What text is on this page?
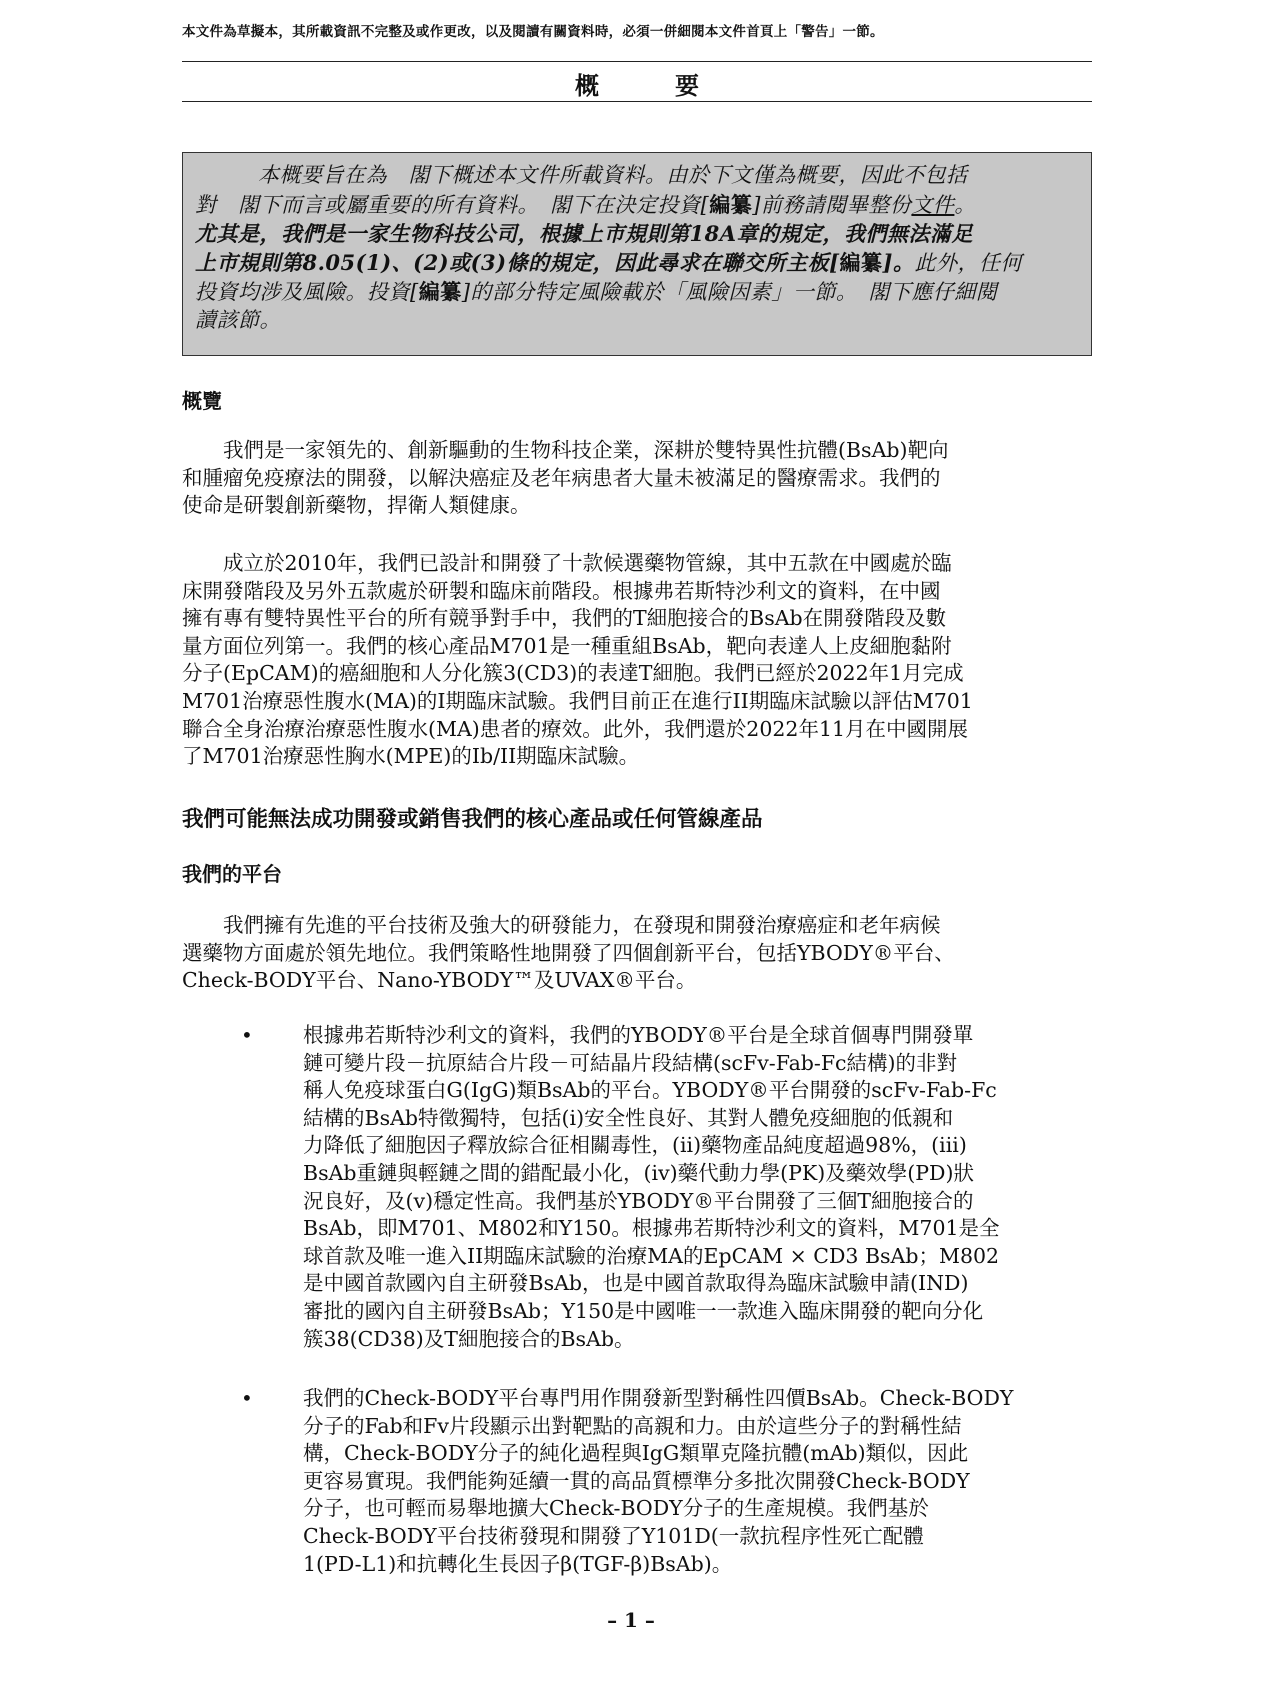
本文件為草擬本，其所載資訊不完整及或作更改，以及閱讀有關資料時，必須一併細閱本文件首頁上「警告」一節。
概　要
本概要旨在為　閣下概述本文件所載資料。由於下文僅為概要，因此不包括
對　閣下而言或屬重要的所有資料。　閣下在決定投資[編纂]前務請閱畢整份文件。
尤其是，我們是一家生物科技公司，根據上市規則第18A章的規定，我們無法滿足
上市規則第8.05(1)、(2)或(3)條的規定，因此尋求在聯交所主板[編纂]。此外，任何
投資均涉及風險。投資[編纂]的部分特定風險載於「風險因素」一節。　閣下應仔細閱
讀該節。
概覽
　　我們是一家領先的、創新驅動的生物科技企業，深耕於雙特異性抗體(BsAb)靶向
和腫瘤免疫療法的開發，以解決癌症及老年病患者大量未被滿足的醫療需求。我們的
使命是研製創新藥物，捍衛人類健康。
　　成立於2010年，我們已設計和開發了十款候選藥物管線，其中五款在中國處於臨
床開發階段及另外五款處於研製和臨床前階段。根據弗若斯特沙利文的資料，在中國
擁有專有雙特異性平台的所有競爭對手中，我們的T細胞接合的BsAb在開發階段及數
量方面位列第一。我們的核心產品M701是一種重組BsAb，靶向表達人上皮細胞黏附
分子(EpCAM)的癌細胞和人分化簇3(CD3)的表達T細胞。我們已經於2022年1月完成
M701治療惡性腹水(MA)的I期臨床試驗。我們目前正在進行II期臨床試驗以評估M701
聯合全身治療治療惡性腹水(MA)患者的療效。此外，我們還於2022年11月在中國開展
了M701治療惡性胸水(MPE)的Ib/II期臨床試驗。
我們可能無法成功開發或銷售我們的核心產品或任何管線產品
我們的平台
　　我們擁有先進的平台技術及強大的研發能力，在發現和開發治療癌症和老年病候
選藥物方面處於領先地位。我們策略性地開發了四個創新平台，包括YBODY®平台、
Check-BODY平台、Nano-YBODY™及UVAX®平台。
• 根據弗若斯特沙利文的資料，我們的YBODY®平台是全球首個專門開發單
鏈可變片段－抗原結合片段－可結晶片段結構(scFv-Fab-Fc結構)的非對
稱人免疫球蛋白G(IgG)類BsAb的平台。YBODY®平台開發的scFv-Fab-Fc
結構的BsAb特徵獨特，包括(i)安全性良好、其對人體免疫細胞的低親和
力降低了細胞因子釋放綜合征相關毒性，(ii)藥物產品純度超過98%，(iii)
BsAb重鏈與輕鏈之間的錯配最小化，(iv)藥代動力學(PK)及藥效學(PD)狀
況良好，及(v)穩定性高。我們基於YBODY®平台開發了三個T細胞接合的
BsAb，即M701、M802和Y150。根據弗若斯特沙利文的資料，M701是全
球首款及唯一進入II期臨床試驗的治療MA的EpCAM × CD3 BsAb；M802
是中國首款國內自主研發BsAb，也是中國首款取得為臨床試驗申請(IND)
審批的國內自主研發BsAb；Y150是中國唯一一款進入臨床開發的靶向分化
簇38(CD38)及T細胞接合的BsAb。
• 我們的Check-BODY平台專門用作開發新型對稱性四價BsAb。Check-BODY
分子的Fab和Fv片段顯示出對靶點的高親和力。由於這些分子的對稱性結
構，Check-BODY分子的純化過程與IgG類單克隆抗體(mAb)類似，因此
更容易實現。我們能夠延續一貫的高品質標準分多批次開發Check-BODY
分子，也可輕而易舉地擴大Check-BODY分子的生產規模。我們基於
Check-BODY平台技術發現和開發了Y101D(一款抗程序性死亡配體
1(PD-L1)和抗轉化生長因子β(TGF-β)BsAb)。
– 1 –
